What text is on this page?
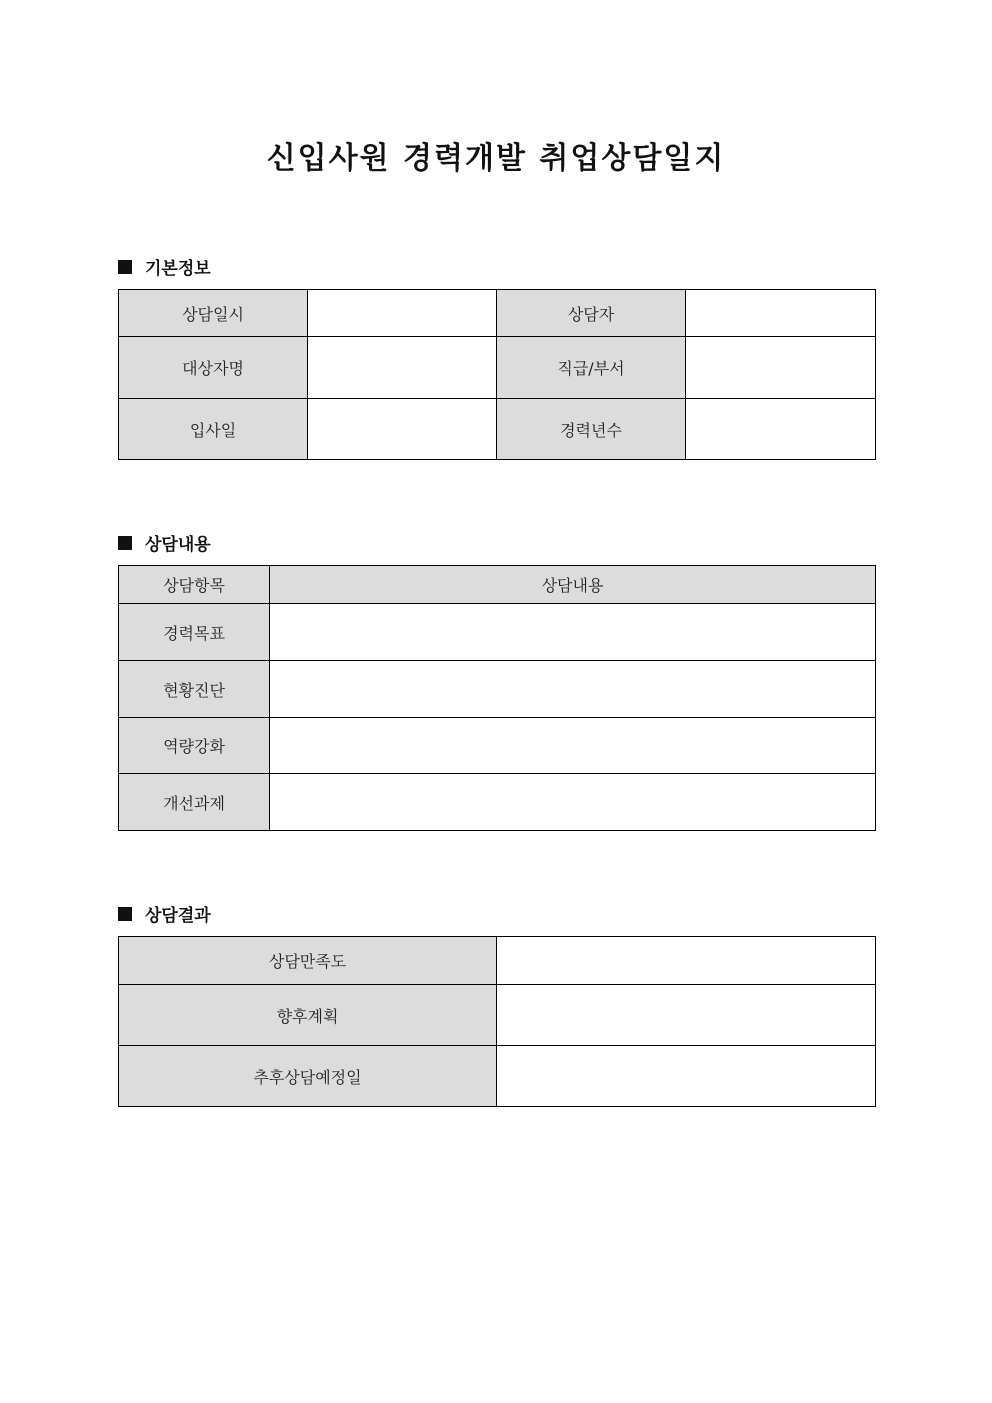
신입사원 경력개발 취업상담일지
기본정보
상담일시		상담자	
대상자명		직급/부서	
입사일		경력년수	
상담내용
상담항목	상담내용
경력목표	
현황진단	
역량강화	
개선과제	
상담결과
상담만족도	
향후계획	
추후상담예정일	
